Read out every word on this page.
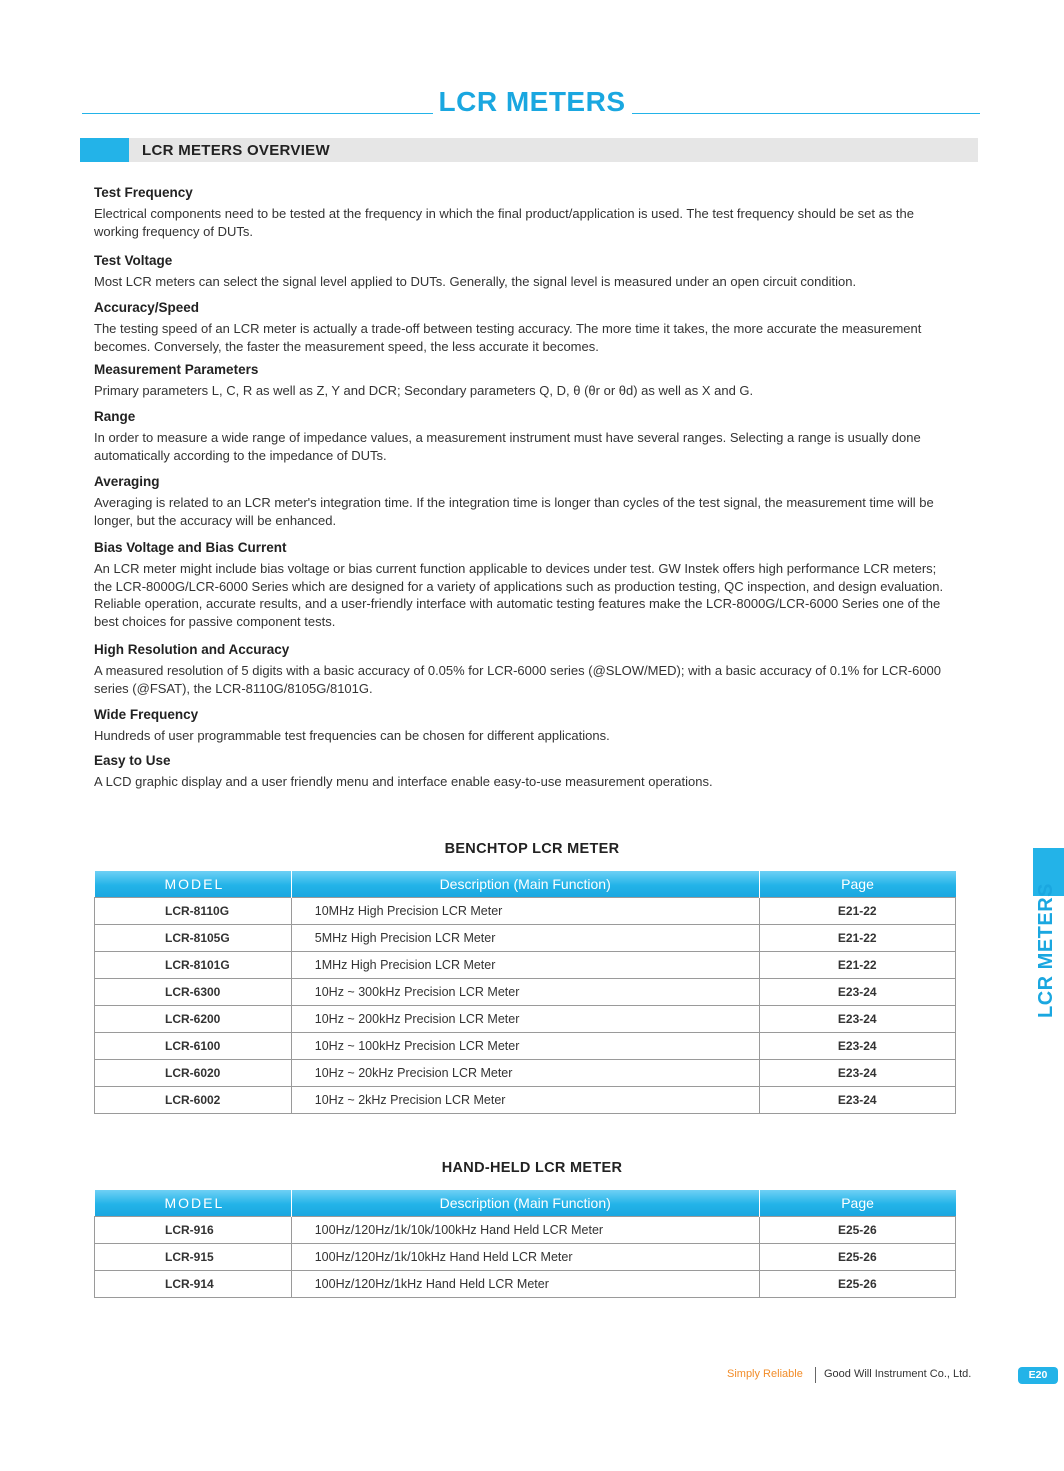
LCR METERS
LCR METERS OVERVIEW
Test Frequency

Electrical components need to be tested at the frequency in which the final product/application is used. The test frequency should be set as the working frequency of DUTs.

Test Voltage

Most LCR meters can select the signal level applied to DUTs. Generally, the signal level is measured under an open circuit condition.

Accuracy/Speed

The testing speed of an LCR meter is actually a trade-off between testing accuracy. The more time it takes, the more accurate the measurement becomes. Conversely, the faster the measurement speed, the less accurate it becomes.

Measurement Parameters

Primary parameters L, C, R as well as Z, Y and DCR; Secondary parameters Q, D, θ (θr or θd) as well as X and G.

Range

In order to measure a wide range of impedance values, a measurement instrument must have several ranges. Selecting a range is usually done automatically according to the impedance of DUTs.

Averaging

Averaging is related to an LCR meter's integration time. If the integration time is longer than cycles of the test signal, the measurement time will be longer, but the accuracy will be enhanced.

Bias Voltage and Bias Current

An LCR meter might include bias voltage or bias current function applicable to devices under test. GW Instek offers high performance LCR meters; the LCR-8000G/LCR-6000 Series which are designed for a variety of applications such as production testing, QC inspection, and design evaluation. Reliable operation, accurate results, and a user-friendly interface with automatic testing features make the LCR-8000G/LCR-6000 Series one of the best choices for passive component tests.

High Resolution and Accuracy

A measured resolution of 5 digits with a basic accuracy of 0.05% for LCR-6000 series (@SLOW/MED); with a basic accuracy of 0.1% for LCR-6000 series (@FSAT), the LCR-8110G/8105G/8101G.

Wide Frequency

Hundreds of user programmable test frequencies can be chosen for different applications.

Easy to Use

A LCD graphic display and a user friendly menu and interface enable easy-to-use measurement operations.

LCR METERS
BENCHTOP LCR METER
MODEL	Description (Main Function)	Page
LCR-8110G	10MHz High Precision LCR Meter	E21-22
LCR-8105G	5MHz High Precision LCR Meter	E21-22
LCR-8101G	1MHz High Precision LCR Meter	E21-22
LCR-6300	10Hz ~ 300kHz Precision LCR Meter	E23-24
LCR-6200	10Hz ~ 200kHz Precision LCR Meter	E23-24
LCR-6100	10Hz ~ 100kHz Precision LCR Meter	E23-24
LCR-6020	10Hz ~ 20kHz Precision LCR Meter	E23-24
LCR-6002	10Hz ~ 2kHz Precision LCR Meter	E23-24
HAND-HELD LCR METER
MODEL	Description (Main Function)	Page
LCR-916	100Hz/120Hz/1k/10k/100kHz Hand Held LCR Meter	E25-26
LCR-915	100Hz/120Hz/1k/10kHz Hand Held LCR Meter	E25-26
LCR-914	100Hz/120Hz/1kHz Hand Held LCR Meter	E25-26
Simply Reliable Good Will Instrument Co., Ltd.	E20
